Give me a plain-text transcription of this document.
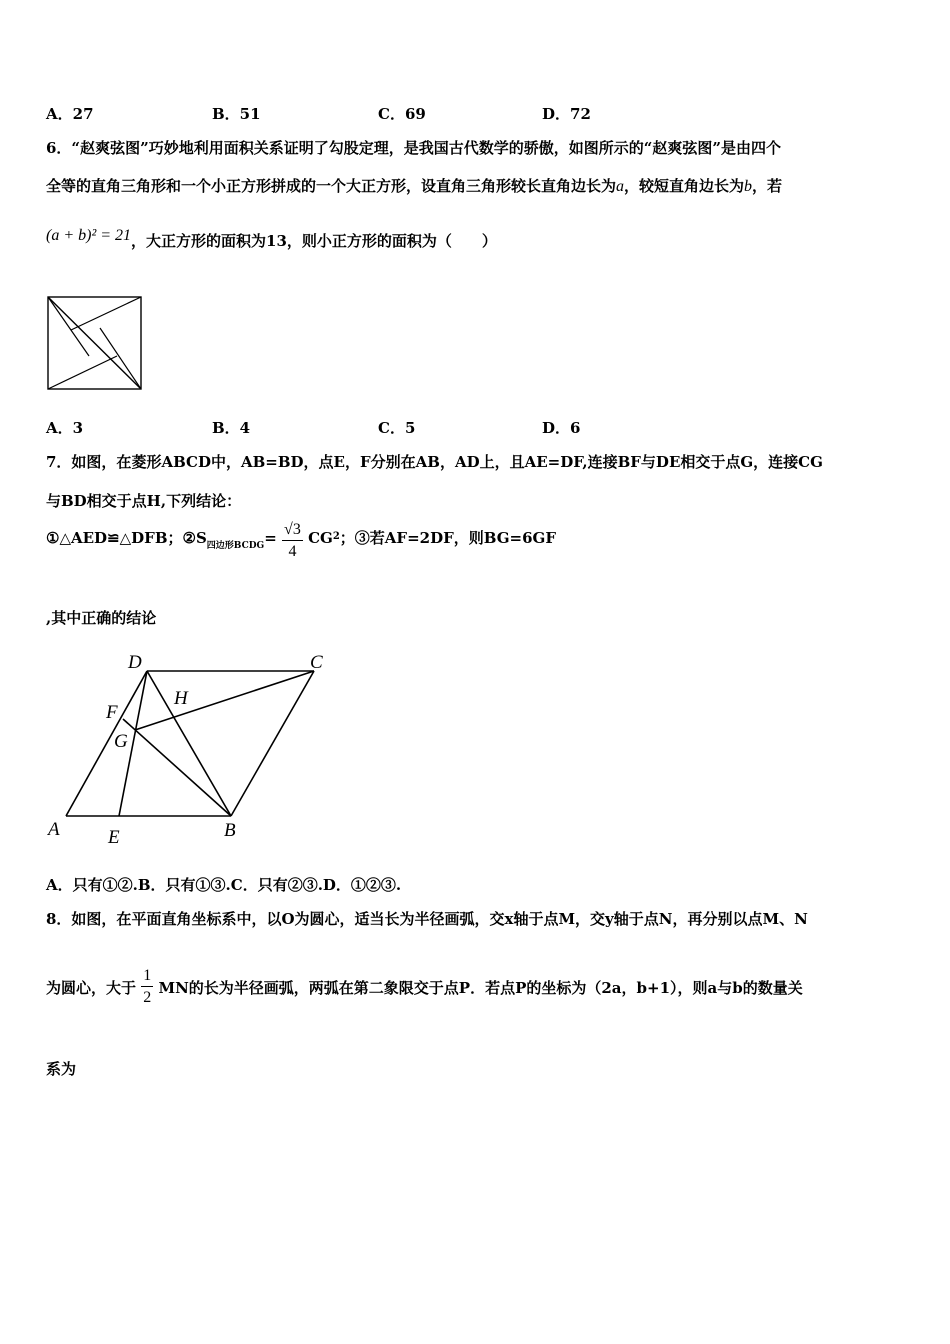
A．27	B．51	C．69	D．72
6．“赵爽弦图”巧妙地利用面积关系证明了勾股定理，是我国古代数学的骄傲，如图所示的“赵爽弦图”是由四个
全等的直角三角形和一个小正方形拼成的一个大正方形，设直角三角形较长直角边长为a，较短直角边长为b，若
(a + b)² = 21，大正方形的面积为13，则小正方形的面积为（　　）
A．3	B．4	C．5	D．6
7．如图，在菱形ABCD中，AB=BD，点E，F分别在AB，AD上，且AE=DF,连接BF与DE相交于点G，连接CG
与BD相交于点H,下列结论：
①△AED≌△DFB；$②S_{四边形BCDG}= \frac{√3}{4} CG^2$；③若AF=2DF，则BG=6GF
,其中正确的结论
D	C
H
F
G
A	E	B
A．只有①②.B．只有①③.C．只有②③.D．①②③.
8．如图，在平面直角坐标系中，以O为圆心，适当长为半径画弧，交x轴于点M，交y轴于点N，再分别以点M、N
为圆心，大于 $\frac{1}{2}$ MN的长为半径画弧，两弧在第二象限交于点P．若点P的坐标为（2a，b+1），则a与b的数量关
系为
